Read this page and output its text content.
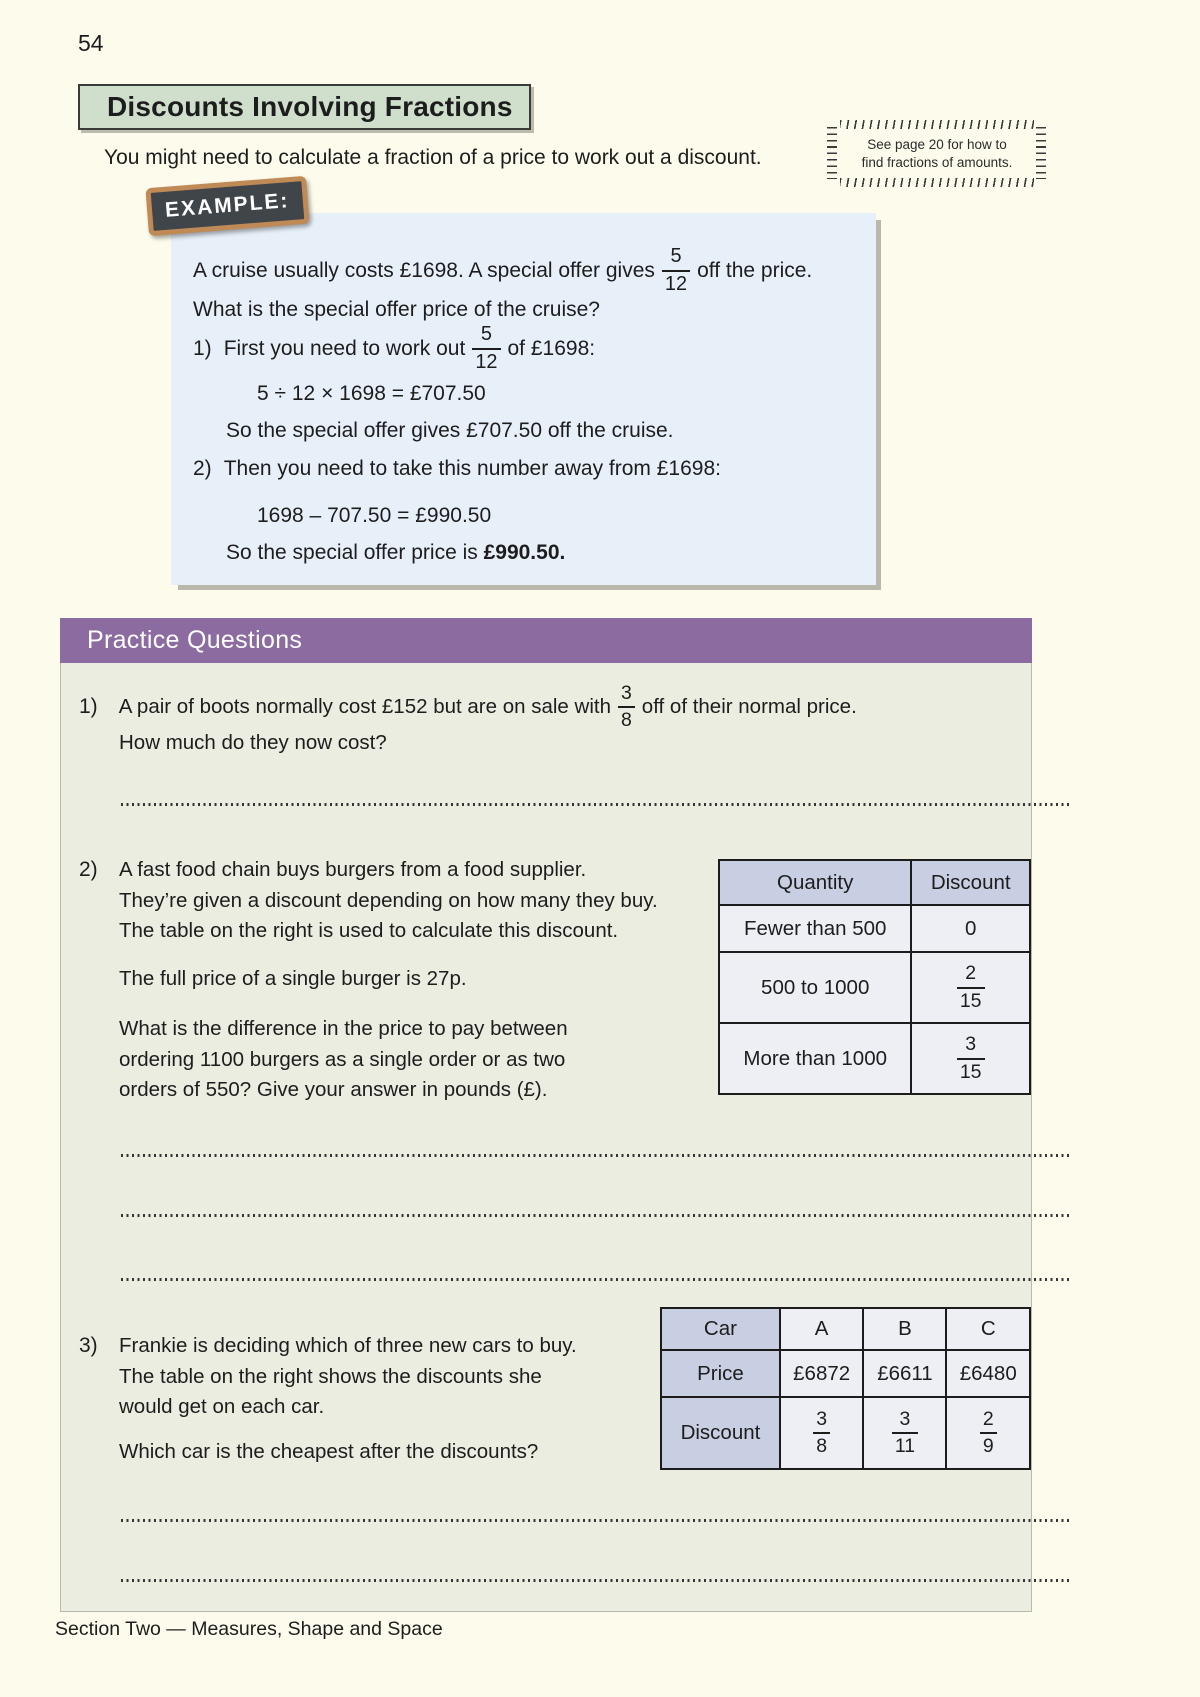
54
Discounts Involving Fractions
You might need to calculate a fraction of a price to work out a discount.
See page 20 for how to
find fractions of amounts.
EXAMPLE:
A cruise usually costs £1698. A special offer gives $\frac{5}{12}$ off the price.
What is the special offer price of the cruise?
1) First you need to work out $\frac{5}{12}$ of £1698:
5 ÷ 12 × 1698 = £707.50
So the special offer gives £707.50 off the cruise.
2) Then you need to take this number away from £1698:
1698 – 707.50 = £990.50
So the special offer price is £990.50.
Practice Questions
1) A pair of boots normally cost £152 but are on sale with $\frac{3}{8}$ off of their normal price.
How much do they now cost?
2) A fast food chain buys burgers from a food supplier.
They’re given a discount depending on how many they buy.
The table on the right is used to calculate this discount.
The full price of a single burger is 27p.
What is the difference in the price to pay between
ordering 1100 burgers as a single order or as two
orders of 550? Give your answer in pounds (£).
Quantity	Discount
Fewer than 500	0
500 to 1000	$\frac{2}{15}$

More than 1000	$\frac{3}{15}$
3) Frankie is deciding which of three new cars to buy.
The table on the right shows the discounts she
would get on each car.
Which car is the cheapest after the discounts?
Car	A	B	C
Price	£6872	£6611	£6480
Discount	$\frac{3}{8}$	$\frac{3}{11}$	$\frac{2}{9}$
Section Two — Measures, Shape and Space
